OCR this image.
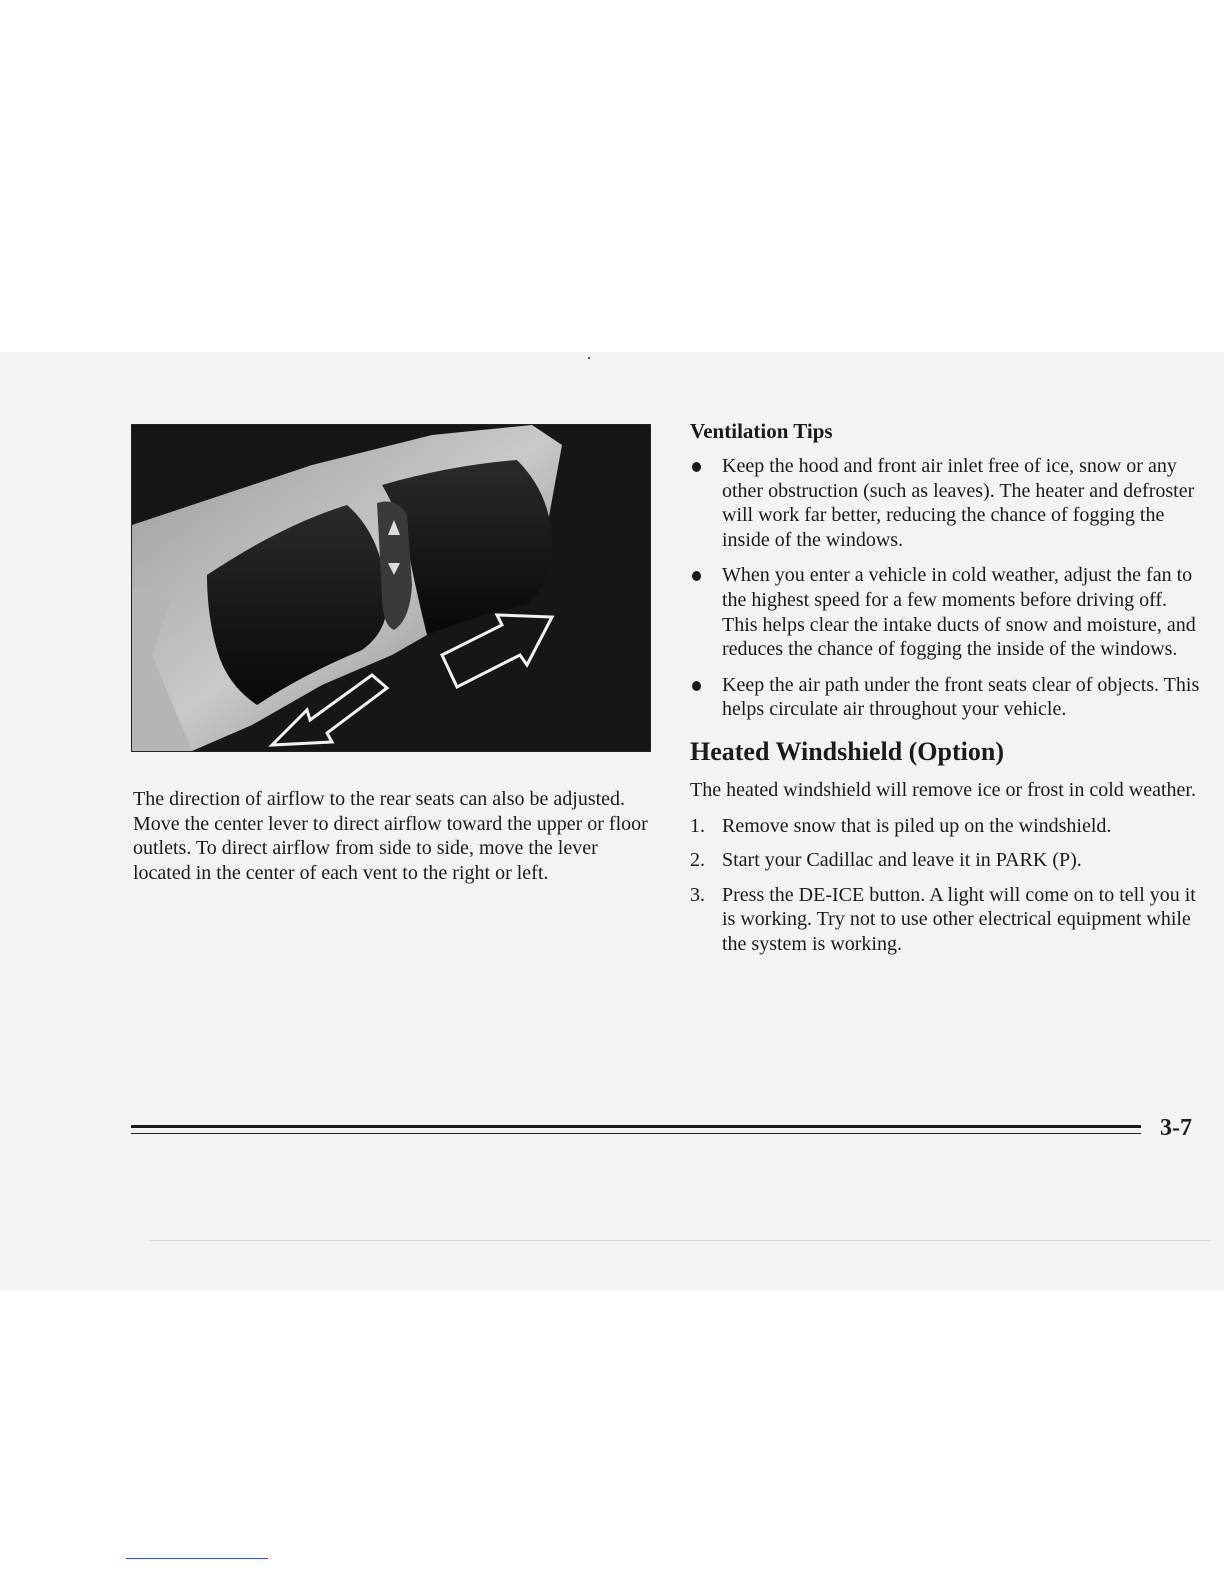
The direction of airflow to the rear seats can also be adjusted. Move the center lever to direct airflow toward the upper or floor outlets. To direct airflow from side to side, move the lever located in the center of each vent to the right or left.

Ventilation Tips
Keep the hood and front air inlet free of ice, snow or any other obstruction (such as leaves). The heater and defroster will work far better, reducing the chance of fogging the inside of the windows.
When you enter a vehicle in cold weather, adjust the fan to the highest speed for a few moments before driving off. This helps clear the intake ducts of snow and moisture, and reduces the chance of fogging the inside of the windows.
Keep the air path under the front seats clear of objects. This helps circulate air throughout your vehicle.
Heated Windshield (Option)

The heated windshield will remove ice or frost in cold weather.

1. Remove snow that is piled up on the windshield.
2. Start your Cadillac and leave it in PARK (P).
3. Press the DE-ICE button. A light will come on to tell you it is working. Try not to use other electrical equipment while the system is working.

3-7
